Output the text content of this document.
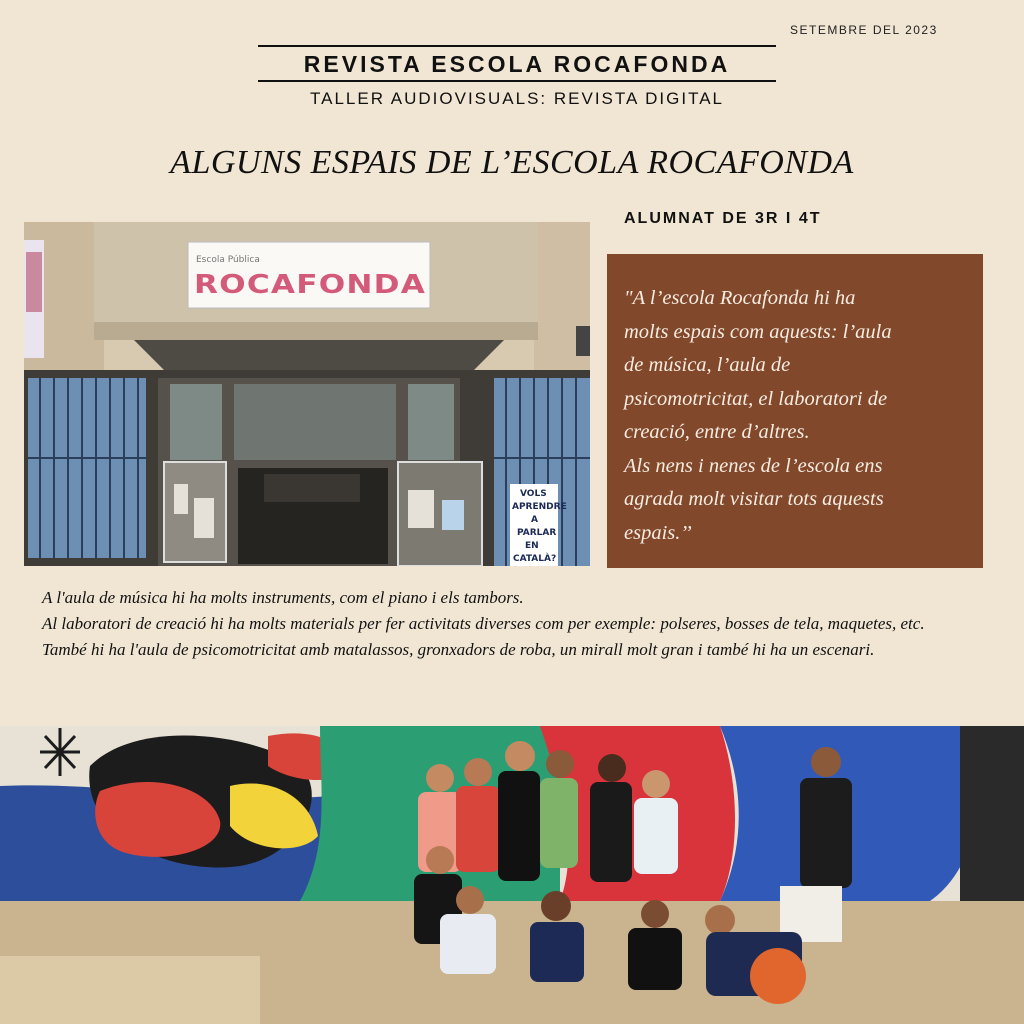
SETEMBRE DEL 2023
REVISTA ESCOLA ROCAFONDA
TALLER AUDIOVISUALS: REVISTA DIGITAL
ALGUNS ESPAIS DE L’ESCOLA ROCAFONDA
Escola Pública
ROCAFONDA
VOLS
APRENDRE
A
PARLAR
EN
CATALÀ?
ALUMNAT DE 3R I 4T
"A l’escola Rocafonda hi ha
molts espais com aquests: l’aula
de música, l’aula de
psicomotricitat, el laboratori de
creació, entre d’altres.
Als nens i nenes de l’escola ens
agrada molt visitar tots aquests
espais.’’

A l'aula de música hi ha molts instruments, com el piano i els tambors.

Al laboratori de creació hi ha molts materials per fer activitats diverses com per exemple: polseres, bosses de tela, maquetes, etc.

També hi ha l'aula de psicomotricitat amb matalassos, gronxadors de roba, un mirall molt gran i també hi ha un escenari.
